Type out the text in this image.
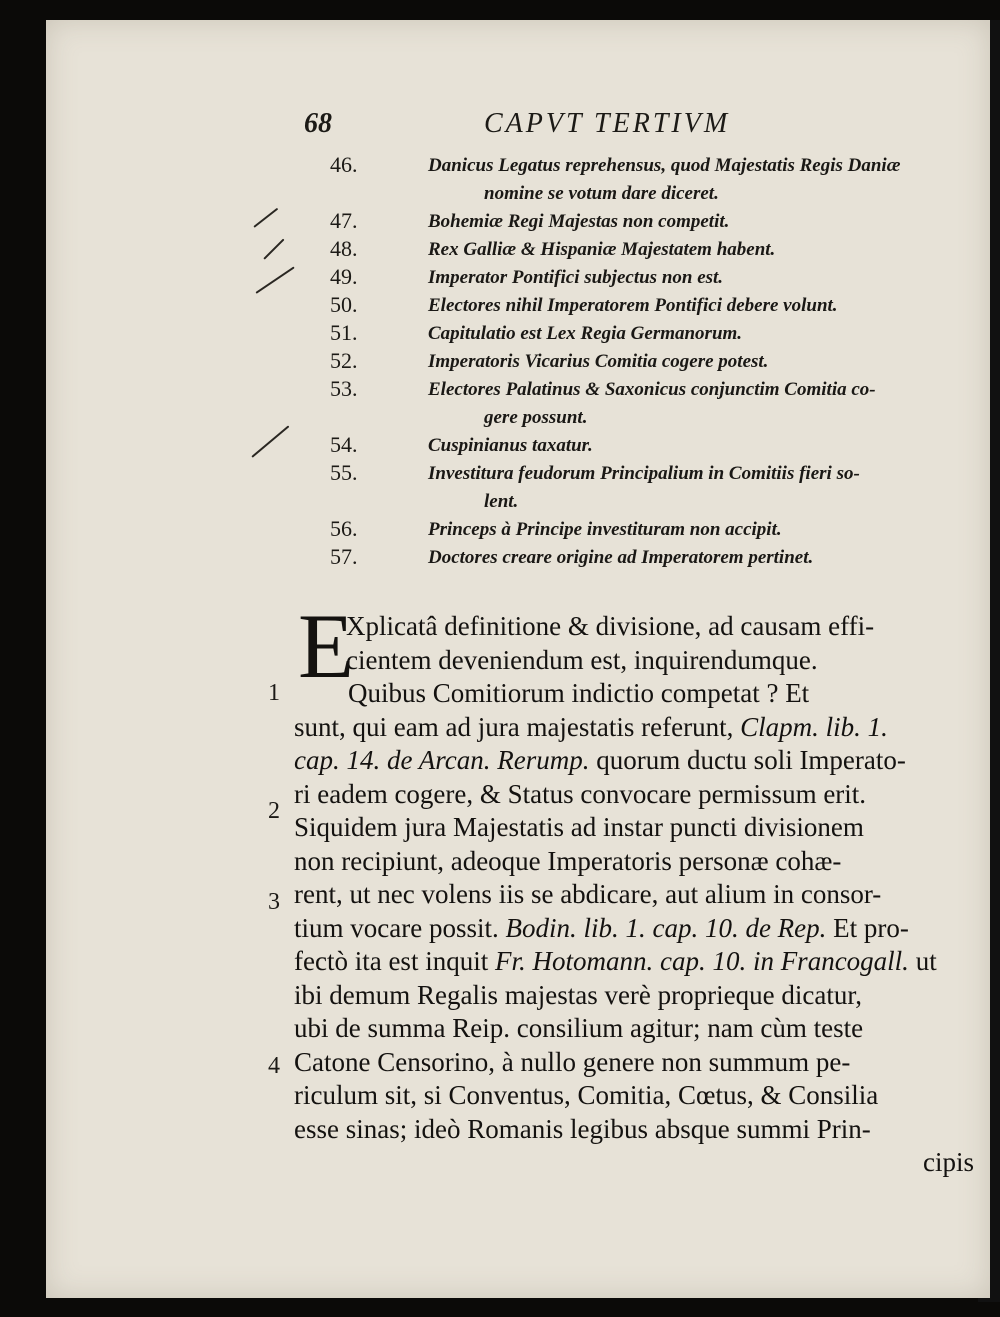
68	CAPVT TERTIVM
46.	Danicus Legatus reprehensus, quod Majestatis Regis Daniæ
nomine se votum dare diceret.
47.	Bohemiæ Regi Majestas non competit.
48.	Rex Galliæ & Hispaniæ Majestatem habent.
49.	Imperator Pontifici subjectus non est.
50.	Electores nihil Imperatorem Pontifici debere volunt.
51.	Capitulatio est Lex Regia Germanorum.
52.	Imperatoris Vicarius Comitia cogere potest.
53.	Electores Palatinus & Saxonicus conjunctim Comitia co-
gere possunt.
54.	Cuspinianus taxatur.
55.	Investitura feudorum Principalium in Comitiis fieri so-
lent.
56.	Princeps à Principe investituram non accipit.
57.	Doctores creare origine ad Imperatorem pertinet.
E
Xplicatâ definitione & divisione, ad causam effi-
cientem deveniendum est, inquirendumque.
1	Quibus Comitiorum indictio competat ? Et
sunt, qui eam ad jura majestatis referunt, Clapm. lib. 1.
cap. 14. de Arcan. Rerump. quorum ductu soli Imperato-
ri eadem cogere, & Status convocare permissum erit.
2
Siquidem jura Majestatis ad instar puncti divisionem
non recipiunt, adeoque Imperatoris personæ cohæ-
3 rent, ut nec volens iis se abdicare, aut alium in consor-
tium vocare possit. Bodin. lib. 1. cap. 10. de Rep. Et pro-
fectò ita est inquit Fr. Hotomann. cap. 10. in Francogall. ut
ibi demum Regalis majestas verè proprieque dicatur,
ubi de summa Reip. consilium agitur; nam cùm teste
4 Catone Censorino, à nullo genere non summum pe-
riculum sit, si Conventus, Comitia, Cœtus, & Consilia
esse sinas; ideò Romanis legibus absque summi Prin-
cipis
